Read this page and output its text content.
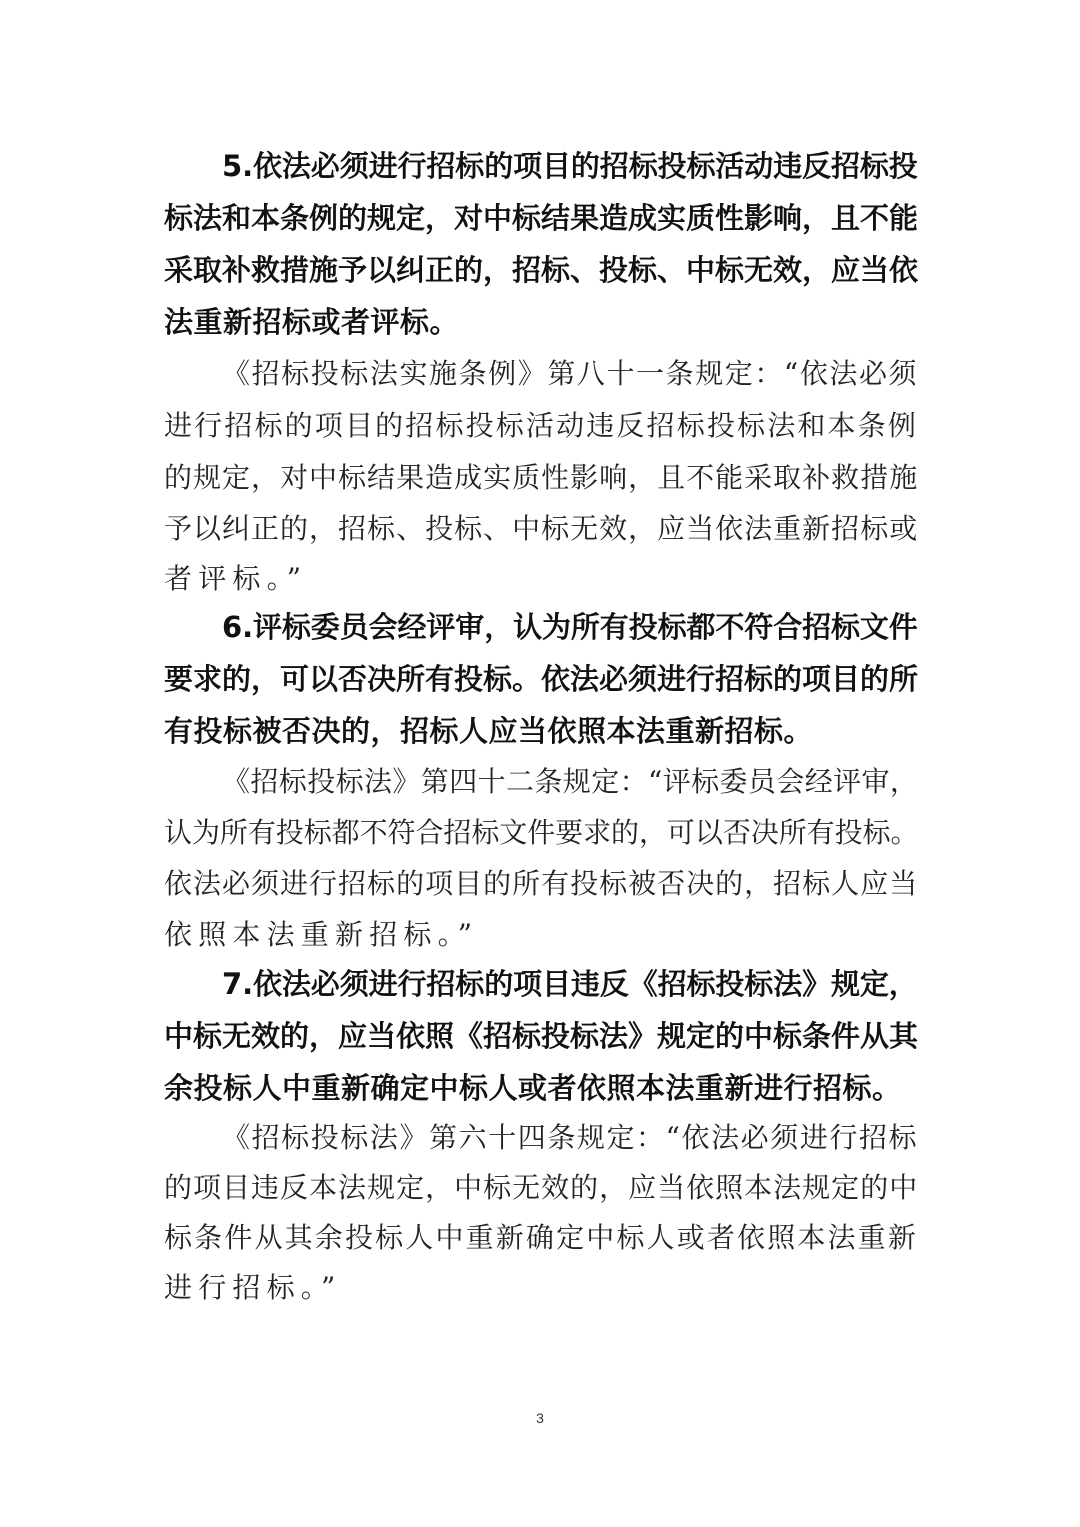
5.依法必须进行招标的项目的招标投标活动违反招标投

标法和本条例的规定，对中标结果造成实质性影响，且不能

采取补救措施予以纠正的，招标、投标、中标无效，应当依

法重新招标或者评标。

《招标投标法实施条例》第八十一条规定：“依法必须

进行招标的项目的招标投标活动违反招标投标法和本条例

的规定，对中标结果造成实质性影响，且不能采取补救措施

予以纠正的，招标、投标、中标无效，应当依法重新招标或

者评标。”

6.评标委员会经评审，认为所有投标都不符合招标文件

要求的，可以否决所有投标。依法必须进行招标的项目的所

有投标被否决的，招标人应当依照本法重新招标。

《招标投标法》第四十二条规定：“评标委员会经评审，

认为所有投标都不符合招标文件要求的，可以否决所有投标。

依法必须进行招标的项目的所有投标被否决的，招标人应当

依照本法重新招标。”

7.依法必须进行招标的项目违反《招标投标法》规定，

中标无效的，应当依照《招标投标法》规定的中标条件从其

余投标人中重新确定中标人或者依照本法重新进行招标。

《招标投标法》第六十四条规定：“依法必须进行招标

的项目违反本法规定，中标无效的，应当依照本法规定的中

标条件从其余投标人中重新确定中标人或者依照本法重新

进行招标。”

3
